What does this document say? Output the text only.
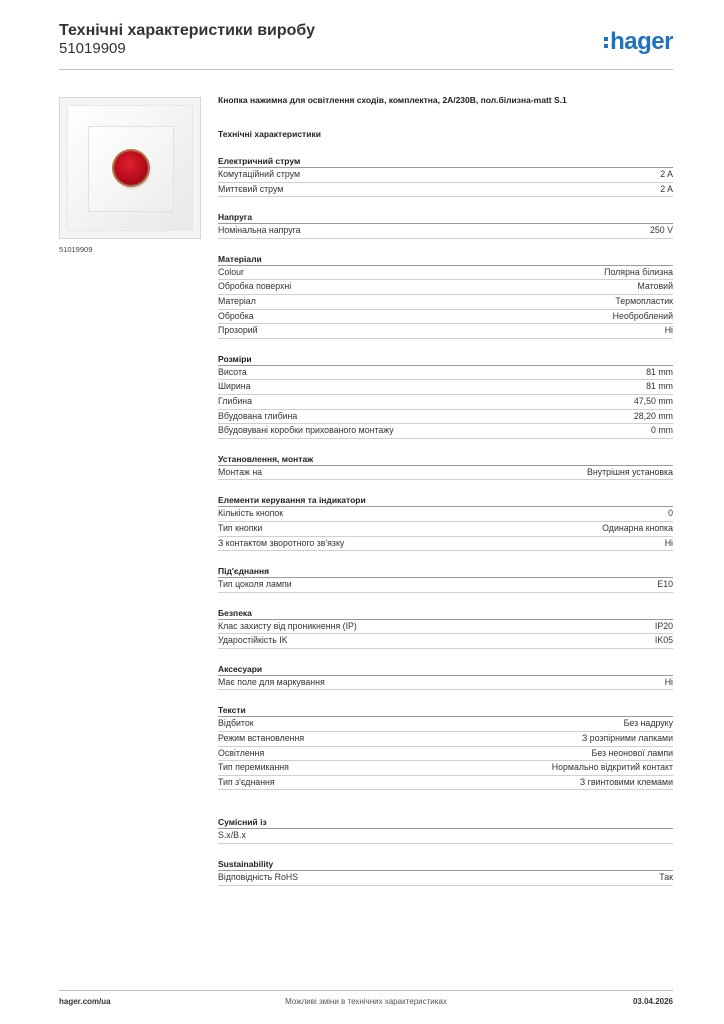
Технічні характеристики виробу
51019909	hager
51019909
Кнопка нажимна для освітлення сходів, комплектна, 2A/230В, пол.білизна-matt S.1
Технічні характеристики
Електричний струм
Комутаційний струм	2 A
Миттєвий струм	2 A
Напруга
Номінальна напруга	250 V
Матеріали
Colour	Полярна білизна
Обробка поверхні	Матовий
Матеріал	Термопластик
Обробка	Необроблений
Прозорий	Ні
Розміри
Висота	81 mm
Ширина	81 mm
Глибина	47,50 mm
Вбудована глибина	28,20 mm
Вбудовувані коробки прихованого монтажу	0 mm
Установлення, монтаж
Монтаж на	Внутрішня установка
Елементи керування та індикатори
Кількість кнопок	0
Тип кнопки	Одинарна кнопка
З контактом зворотного зв'язку	Ні
Під'єднання
Тип цоколя лампи	E10
Безпека
Клас захисту від проникнення (IP)	IP20
Ударостійкість IK	IK05
Аксесуари
Має поле для маркування	Ні
Тексти
Відбиток	Без надруку
Режим встановлення	З розпірними лапками
Освітлення	Без неонової лампи
Тип перемикання	Нормально відкритий контакт
Тип з'єднання	З гвинтовими клемами
Сумісний із
S.x/B.x
Sustainability
Відповідність RoHS	Так
hager.com/ua	Можливі зміни в технічних характеристиках	03.04.2026
